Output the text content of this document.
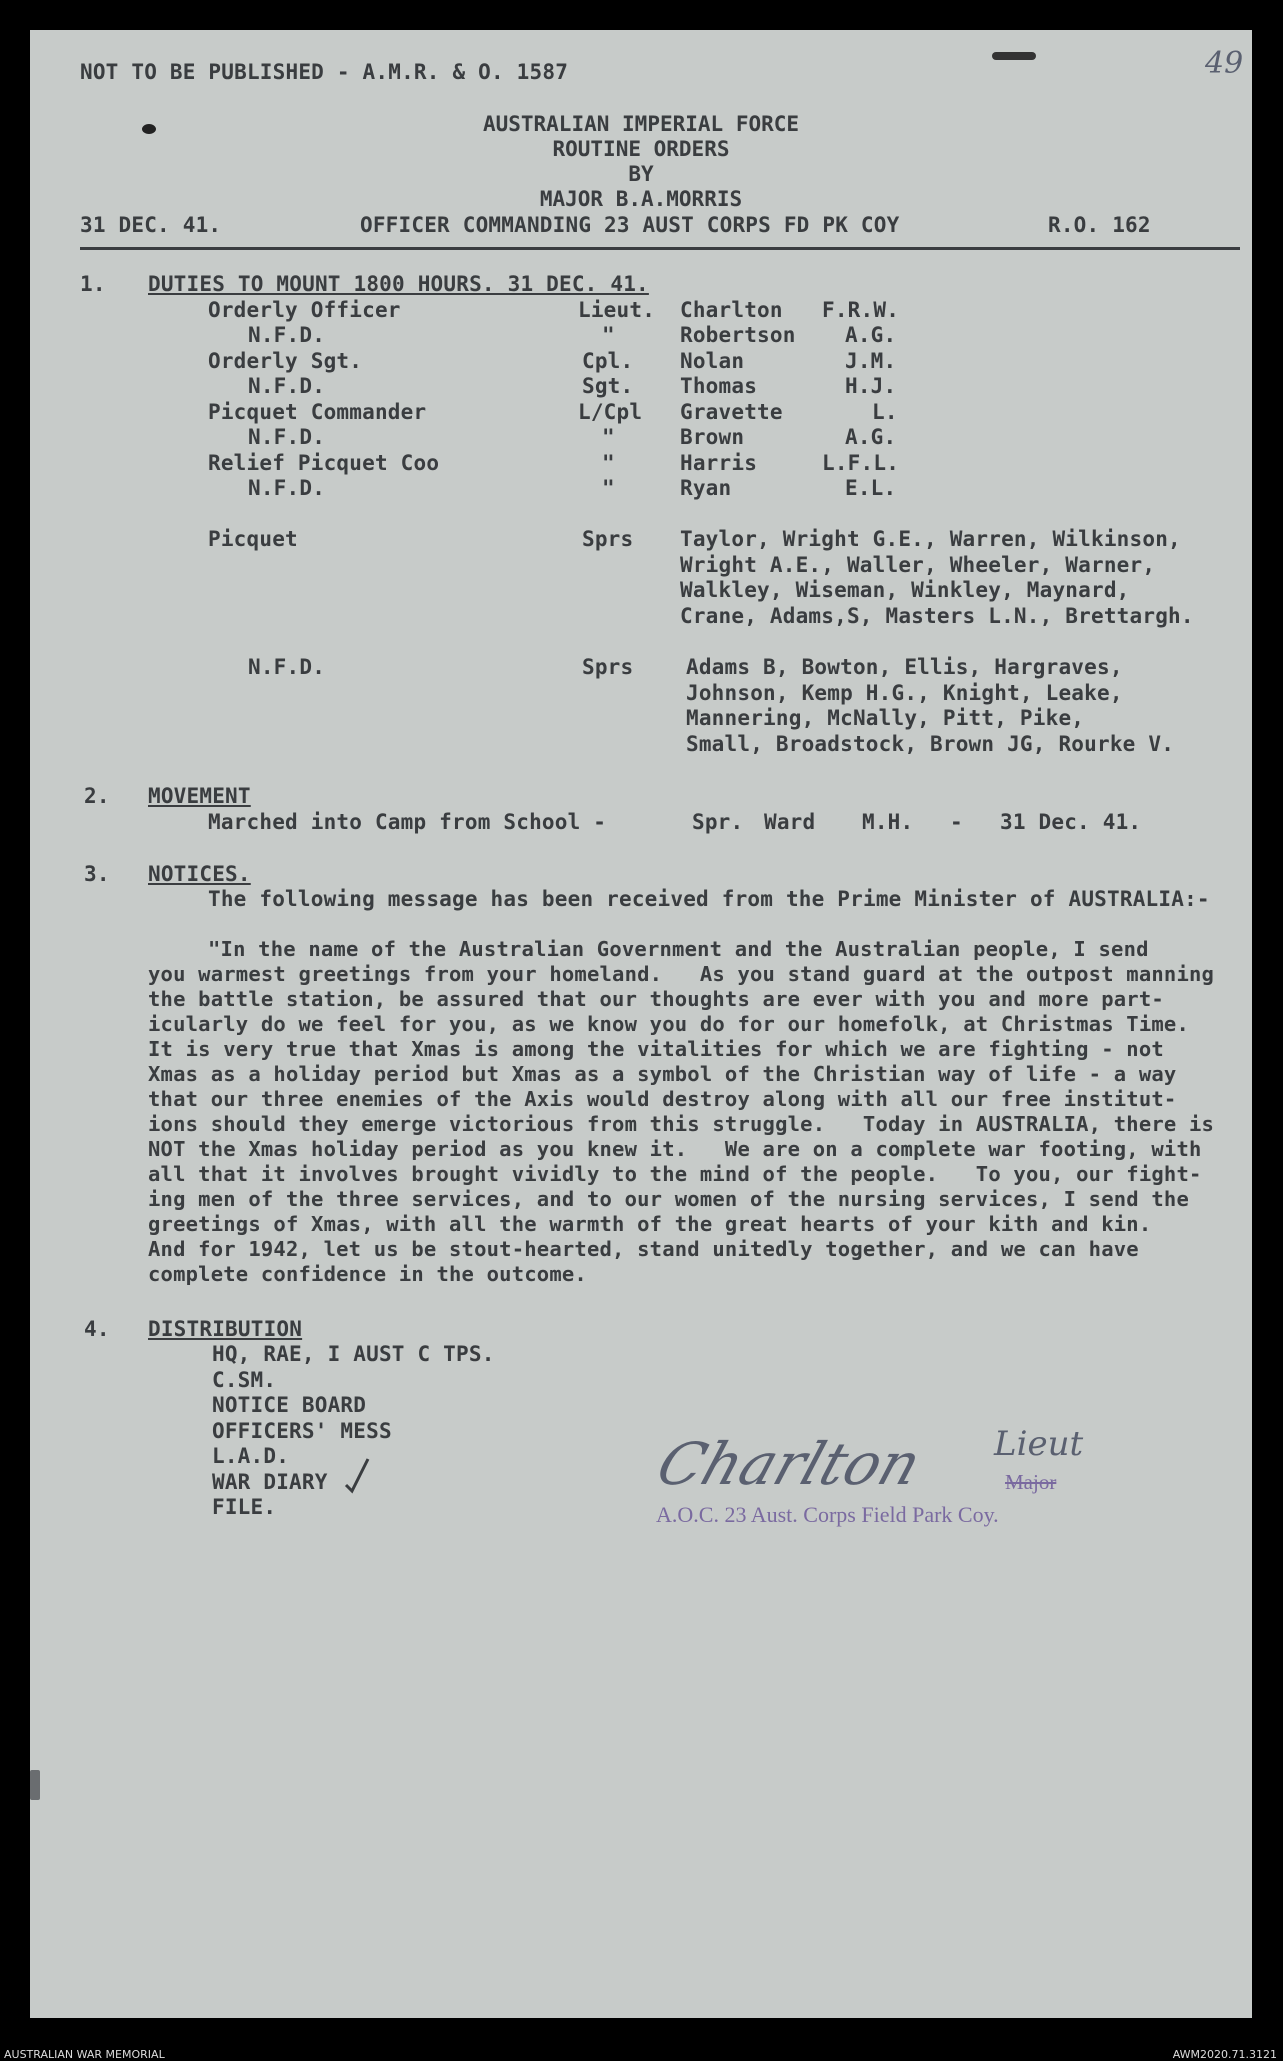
NOT TO BE PUBLISHED - A.M.R. & O. 1587	49
AUSTRALIAN IMPERIAL FORCE
ROUTINE ORDERS
BY
MAJOR B.A.MORRIS
31 DEC. 41.	OFFICER COMMANDING 23 AUST CORPS FD PK COY	R.O. 162
1. DUTIES TO MOUNT 1800 HOURS. 31 DEC. 41.
Orderly Officer	Lieut. Charlton F.R.W.
N.F.D.	"	Robertson A.G.
Orderly Sgt.	Cpl. Nolan	J.M.
N.F.D.	Sgt. Thomas	H.J.
Picquet Commander	L/Cpl Gravette	L.
N.F.D.	"	Brown	A.G.
Relief Picquet Coo	"	Harris	L.F.L.
N.F.D.	"	Ryan	E.L.
Picquet	Sprs Taylor, Wright G.E., Warren, Wilkinson,
Wright A.E., Waller, Wheeler, Warner,
Walkley, Wiseman, Winkley, Maynard,
Crane, Adams,S, Masters L.N., Brettargh.
N.F.D.	Sprs	Adams B, Bowton, Ellis, Hargraves,
Johnson, Kemp H.G., Knight, Leake,
Mannering, McNally, Pitt, Pike,
Small, Broadstock, Brown JG, Rourke V.
2. MOVEMENT
Marched into Camp from School -	Spr. Ward M.H. - 31 Dec. 41.
3. NOTICES.
The following message has been received from the Prime Minister of AUSTRALIA:-
"In the name of the Australian Government and the Australian people, I send
you warmest greetings from your homeland.   As you stand guard at the outpost manning
the battle station, be assured that our thoughts are ever with you and more part-
icularly do we feel for you, as we know you do for our homefolk, at Christmas Time.
It is very true that Xmas is among the vitalities for which we are fighting - not
Xmas as a holiday period but Xmas as a symbol of the Christian way of life - a way
that our three enemies of the Axis would destroy along with all our free institut-
ions should they emerge victorious from this struggle.   Today in AUSTRALIA, there is
NOT the Xmas holiday period as you knew it.   We are on a complete war footing, with
all that it involves brought vividly to the mind of the people.   To you, our fight-
ing men of the three services, and to our women of the nursing services, I send the
greetings of Xmas, with all the warmth of the great hearts of your kith and kin.
And for 1942, let us be stout-hearted, stand unitedly together, and we can have
complete confidence in the outcome.
4. DISTRIBUTION
HQ, RAE, I AUST C TPS.
C.SM.
NOTICE BOARD
OFFICERS' MESS
L.A.D.
WAR DIARY
FILE.
Charlton Lieut
Major
A.O.C. 23 Aust. Corps Field Park Coy.
AUSTRALIAN WAR MEMORIAL	AWM2020.71.3121
